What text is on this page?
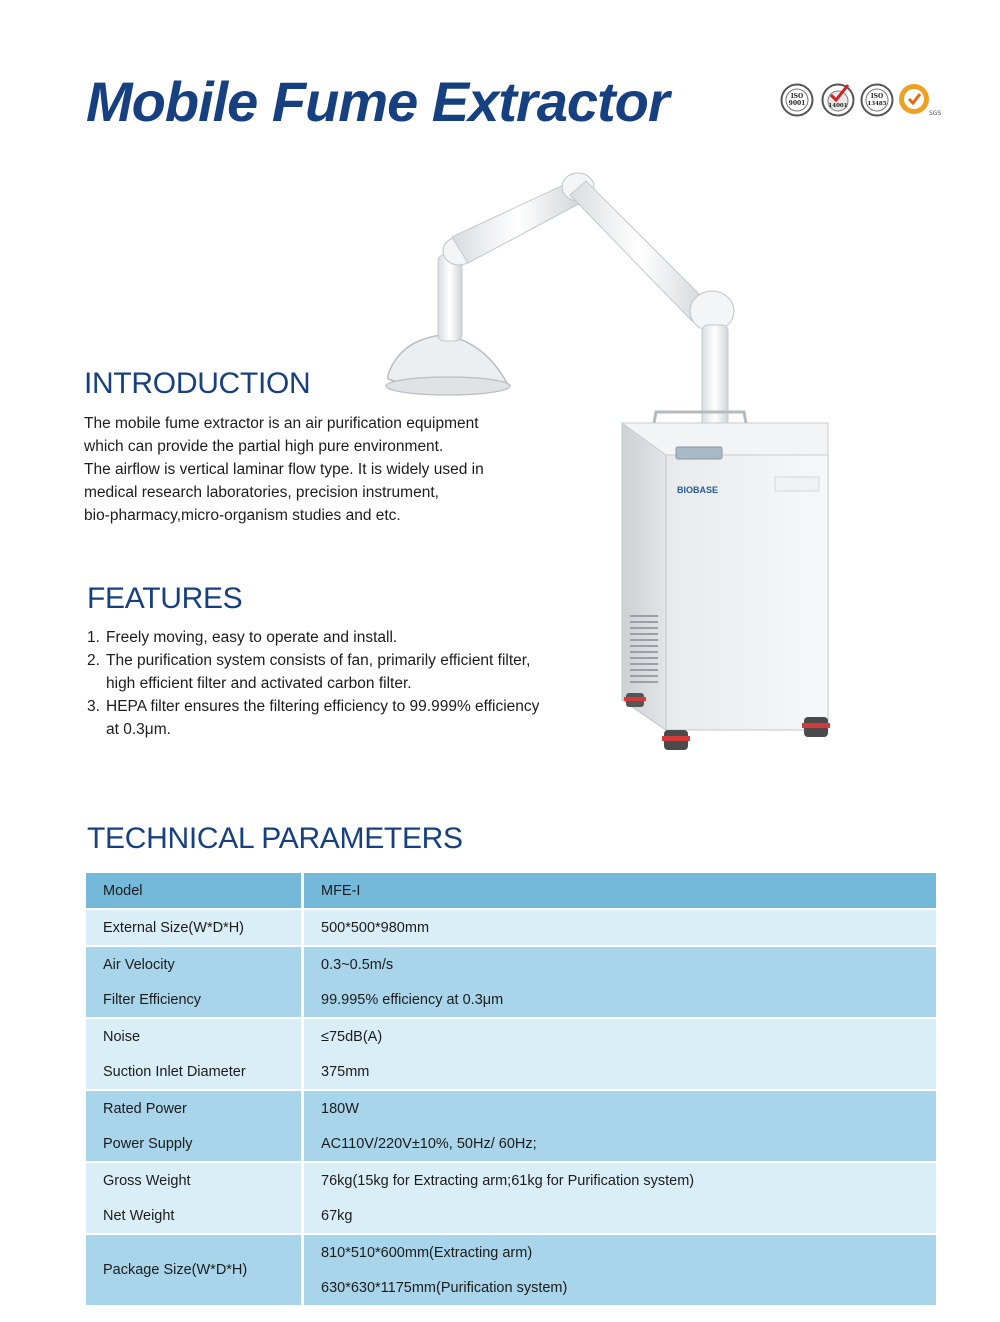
Mobile Fume Extractor	ISO
9001	14001
ISO
13485
SGS
BIOBASE
INTRODUCTION

The mobile fume extractor is an air purification equipment

which can provide the partial high pure environment.

The airflow is vertical laminar flow type. It is widely used in

medical research laboratories, precision instrument,

bio-pharmacy,micro-organism studies and etc.

FEATURES
1. Freely moving, easy to operate and install.
2. The purification system consists of fan, primarily efficient filter,
high efficient filter and activated carbon filter.
3. HEPA filter ensures the filtering efficiency to 99.999% efficiency
at 0.3μm.
TECHNICAL PARAMETERS
Model	MFE-I
External Size(W*D*H)	500*500*980mm
Air Velocity	0.3~0.5m/s
Filter Efficiency	99.995% efficiency at 0.3μm
Noise	≤75dB(A)
Suction Inlet Diameter	375mm
Rated Power	180W
Power Supply	AC110V/220V±10%, 50Hz/ 60Hz;
Gross Weight	76kg(15kg for Extracting arm;61kg for Purification system)
Net Weight	67kg
Package Size(W*D*H)	810*510*600mm(Extracting arm)
	630*630*1175mm(Purification system)
